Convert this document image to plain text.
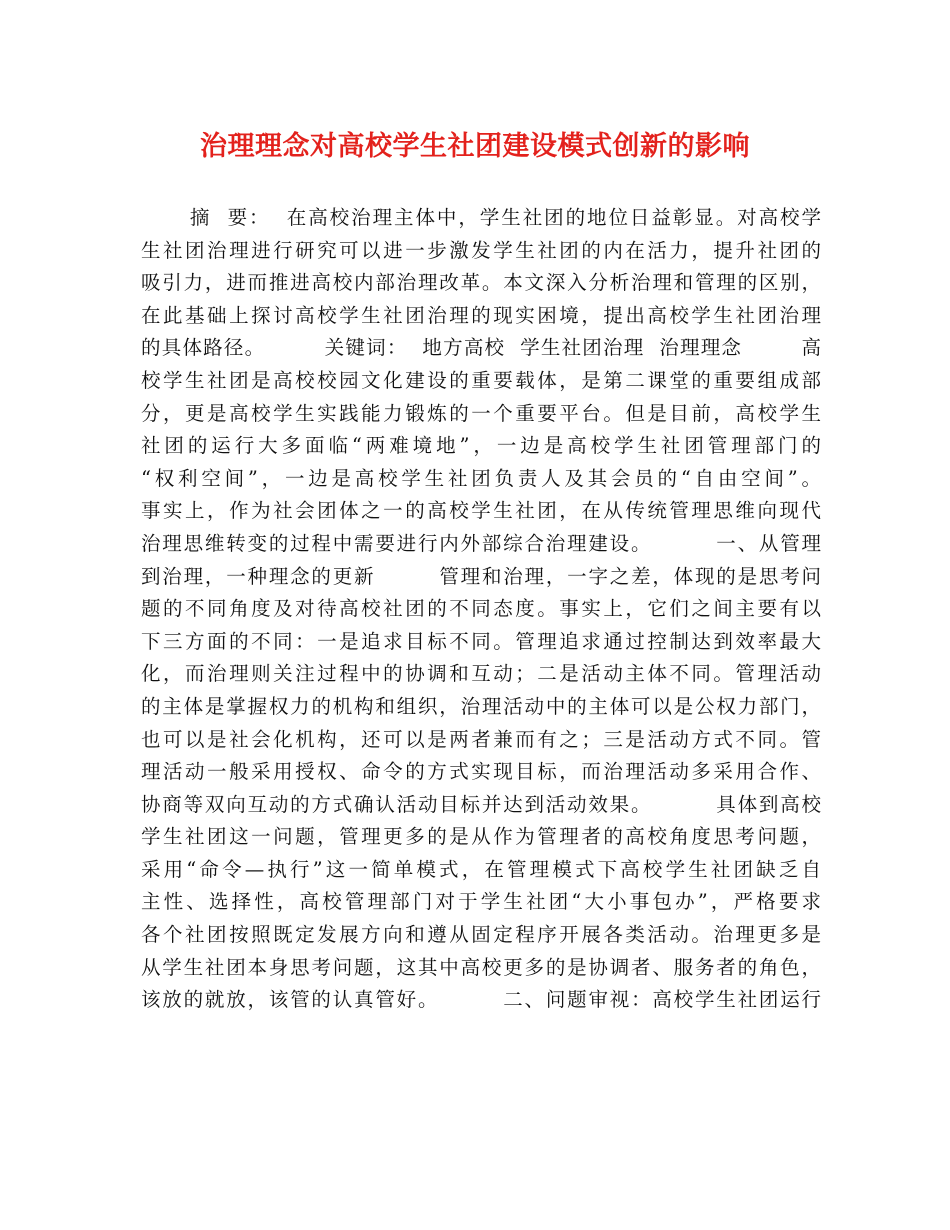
治理理念对高校学生社团建设模式创新的影响
摘  要：  在高校治理主体中，学生社团的地位日益彰显。对高校学
生社团治理进行研究可以进一步激发学生社团的内在活力，提升社团的
吸引力，进而推进高校内部治理改革。本文深入分析治理和管理的区别，
在此基础上探讨高校学生社团治理的现实困境，提出高校学生社团治理
的具体路径。        关键词：  地方高校  学生社团治理  治理理念        高
校学生社团是高校校园文化建设的重要载体，是第二课堂的重要组成部
分，更是高校学生实践能力锻炼的一个重要平台。但是目前，高校学生
社团的运行大多面临“两难境地”，一边是高校学生社团管理部门的
“权利空间”，一边是高校学生社团负责人及其会员的“自由空间”。
事实上，作为社会团体之一的高校学生社团，在从传统管理思维向现代
治理思维转变的过程中需要进行内外部综合治理建设。        一、从管理
到治理，一种理念的更新        管理和治理，一字之差，体现的是思考问
题的不同角度及对待高校社团的不同态度。事实上，它们之间主要有以
下三方面的不同：一是追求目标不同。管理追求通过控制达到效率最大
化，而治理则关注过程中的协调和互动；二是活动主体不同。管理活动
的主体是掌握权力的机构和组织，治理活动中的主体可以是公权力部门，
也可以是社会化机构，还可以是两者兼而有之；三是活动方式不同。管
理活动一般采用授权、命令的方式实现目标，而治理活动多采用合作、
协商等双向互动的方式确认活动目标并达到活动效果。        具体到高校
学生社团这一问题，管理更多的是从作为管理者的高校角度思考问题，
采用“命令—执行”这一简单模式，在管理模式下高校学生社团缺乏自
主性、选择性，高校管理部门对于学生社团“大小事包办”，严格要求
各个社团按照既定发展方向和遵从固定程序开展各类活动。治理更多是
从学生社团本身思考问题，这其中高校更多的是协调者、服务者的角色，
该放的就放，该管的认真管好。        二、问题审视：高校学生社团运行
